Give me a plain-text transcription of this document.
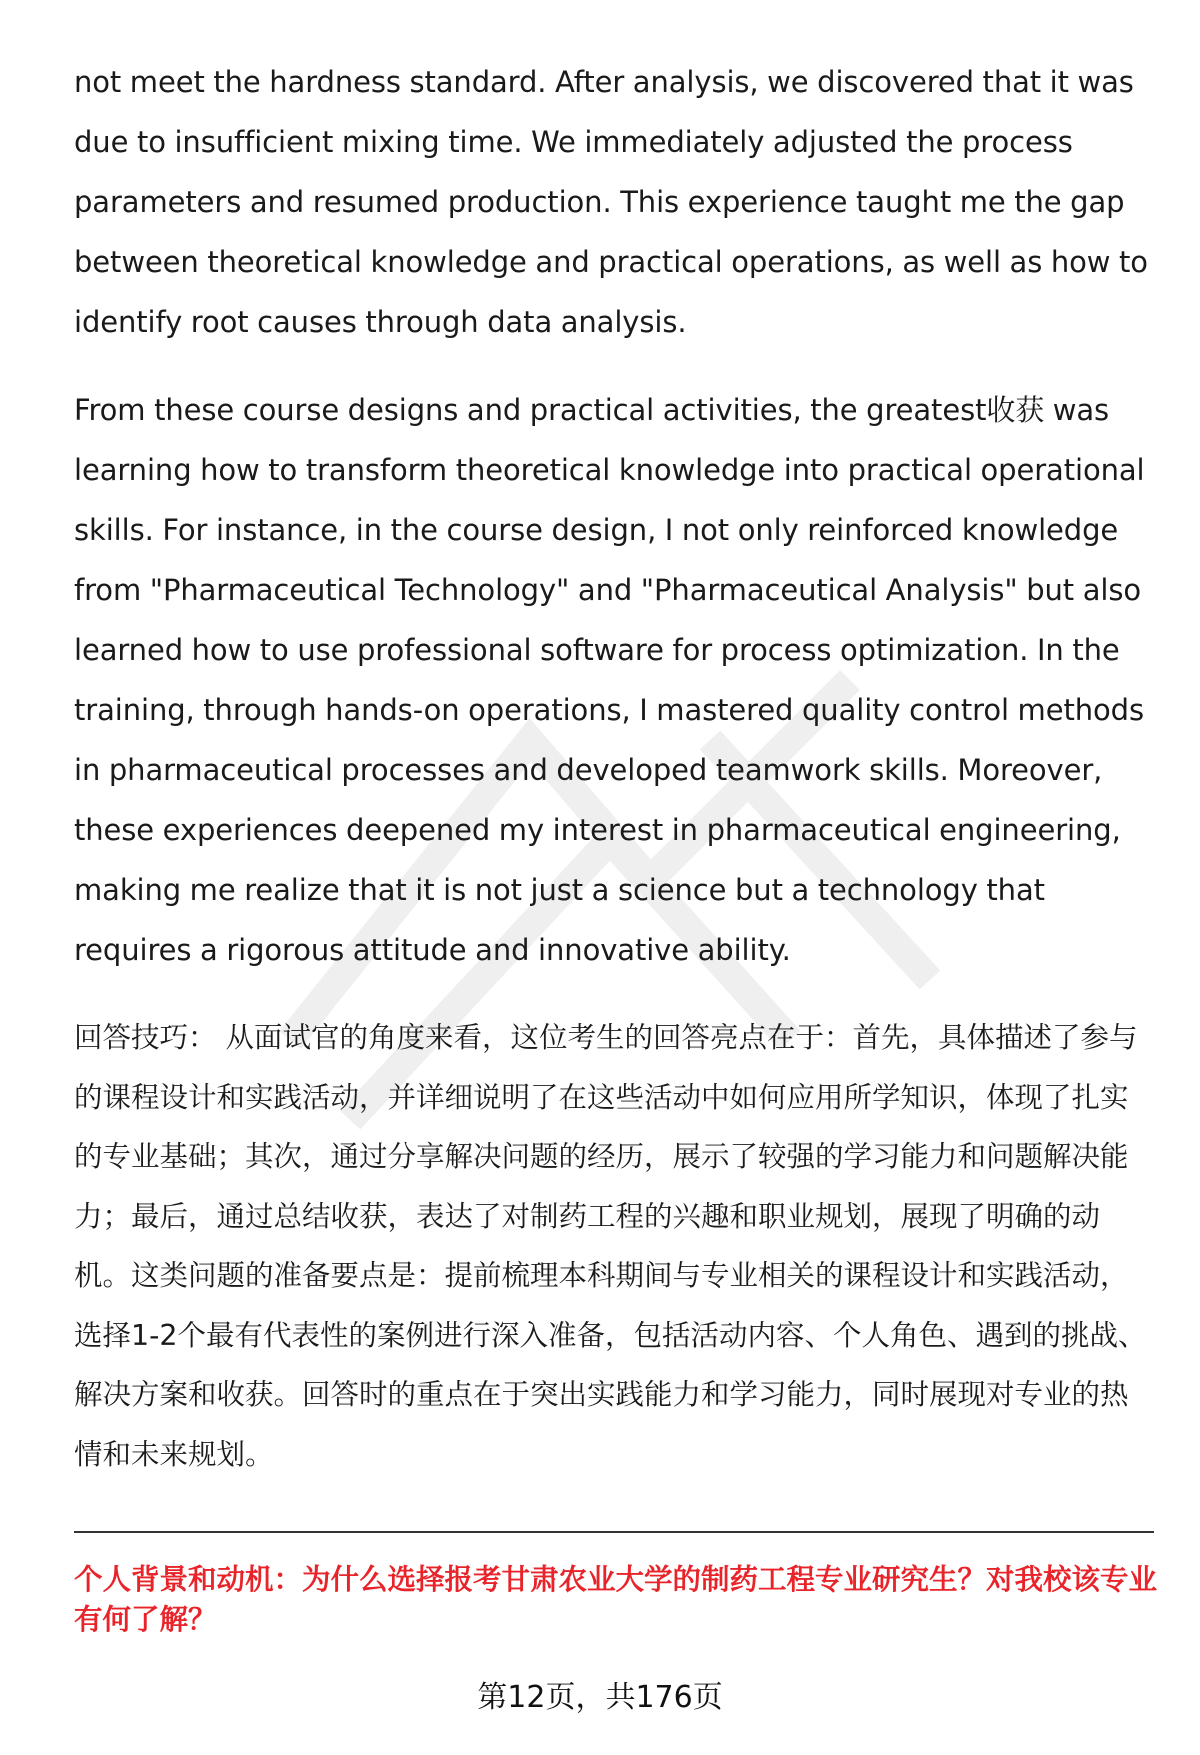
not meet the hardness standard. After analysis, we discovered that it was due to insufficient mixing time. We immediately adjusted the process parameters and resumed production. This experience taught me the gap between theoretical knowledge and practical operations, as well as how to identify root causes through data analysis.

From these course designs and practical activities, the greatest收获 was learning how to transform theoretical knowledge into practical operational skills. For instance, in the course design, I not only reinforced knowledge from "Pharmaceutical Technology" and "Pharmaceutical Analysis" but also learned how to use professional software for process optimization. In the training, through hands-on operations, I mastered quality control methods in pharmaceutical processes and developed teamwork skills. Moreover, these experiences deepened my interest in pharmaceutical engineering, making me realize that it is not just a science but a technology that requires a rigorous attitude and innovative ability.

回答技巧： 从面试官的角度来看，这位考生的回答亮点在于：首先，具体描述了参与的课程设计和实践活动，并详细说明了在这些活动中如何应用所学知识，体现了扎实的专业基础；其次，通过分享解决问题的经历，展示了较强的学习能力和问题解决能力；最后，通过总结收获，表达了对制药工程的兴趣和职业规划，展现了明确的动机。这类问题的准备要点是：提前梳理本科期间与专业相关的课程设计和实践活动，选择1-2个最有代表性的案例进行深入准备，包括活动内容、个人角色、遇到的挑战、解决方案和收获。回答时的重点在于突出实践能力和学习能力，同时展现对专业的热情和未来规划。

个人背景和动机：为什么选择报考甘肃农业大学的制药工程专业研究生？对我校该专业有何了解？

第12页，共176页
